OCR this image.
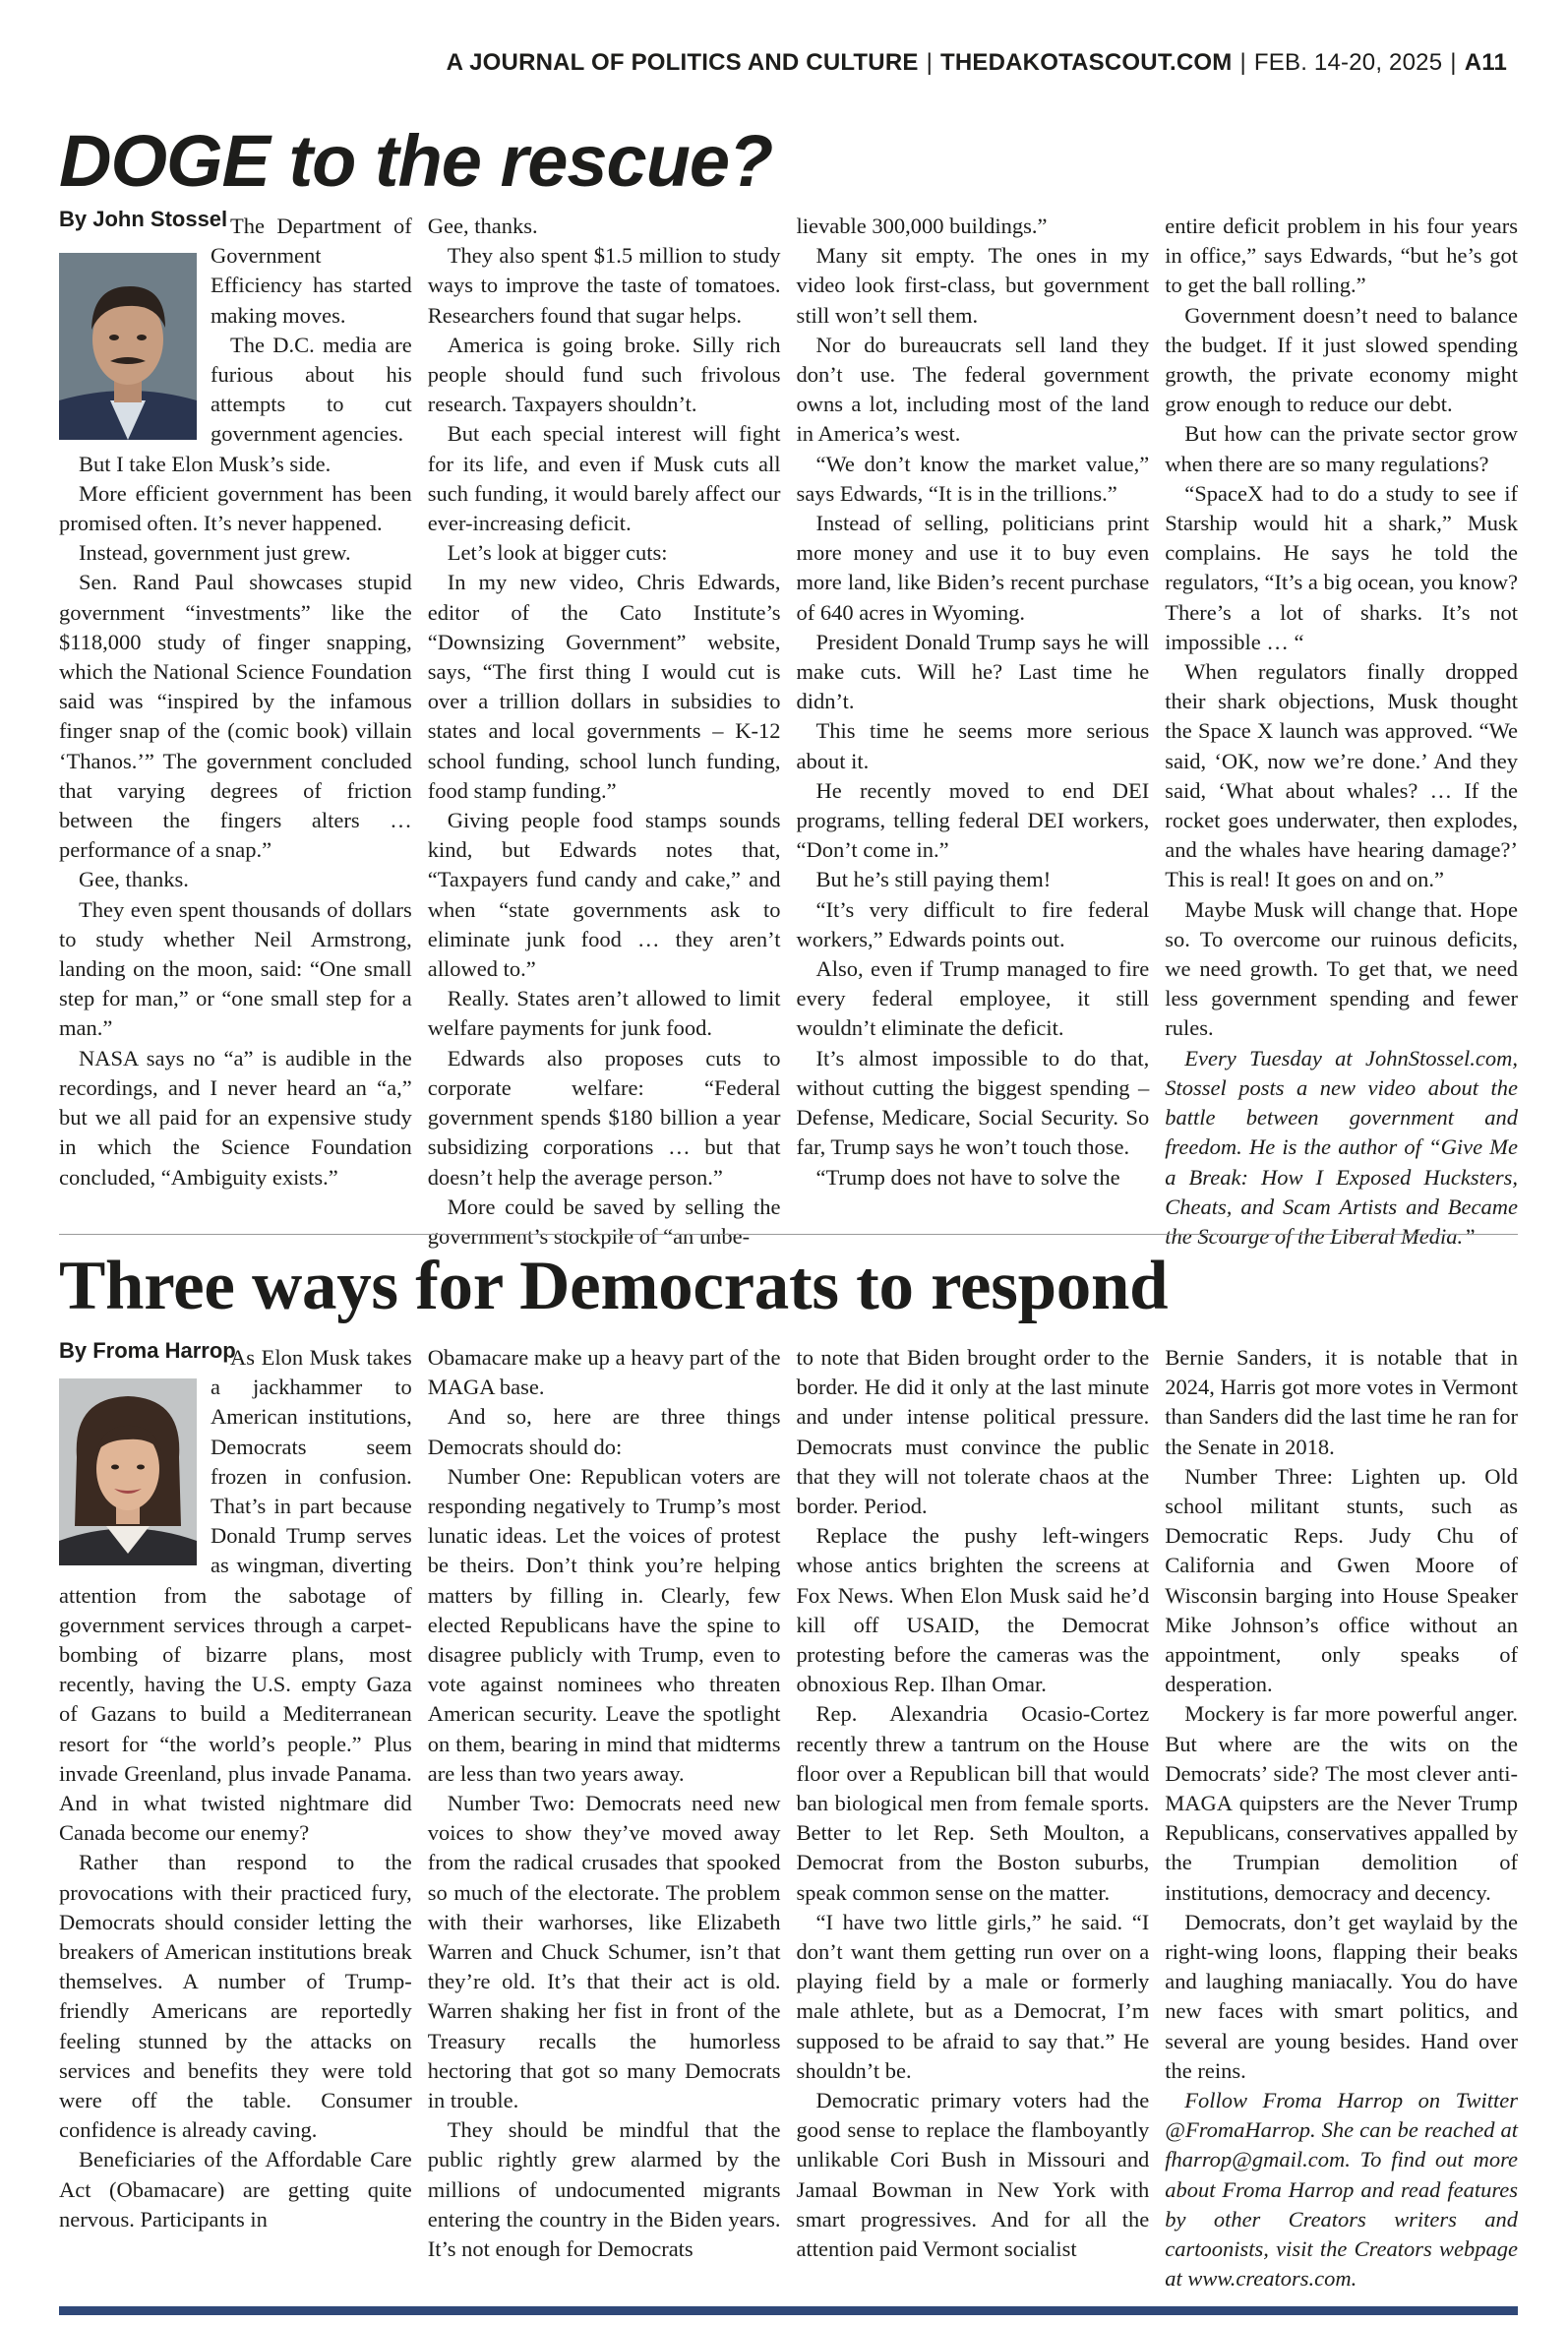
A JOURNAL OF POLITICS AND CULTURE | THEDAKOTASCOUT.COM | FEB. 14-20, 2025 | A11
DOGE to the rescue?
By John Stossel The Department of Government Efficiency has started making moves.

The D.C. media are furious about his attempts to cut government agencies.

But I take Elon Musk’s side.

More efficient government has been promised often. It’s never happened.

Instead, government just grew.

Sen. Rand Paul showcases stupid government “investments” like the $118,000 study of finger snapping, which the National Science Foundation said was “inspired by the infamous finger snap of the (comic book) villain ‘Thanos.’” The government concluded that varying degrees of friction between the fingers alters … performance of a snap.”

Gee, thanks.

They even spent thousands of dollars to study whether Neil Armstrong, landing on the moon, said: “One small step for man,” or “one small step for a man.”

NASA says no “a” is audible in the recordings, and I never heard an “a,” but we all paid for an expensive study in which the Science Foundation concluded, “Ambiguity exists.”

Gee, thanks.

They also spent $1.5 million to study ways to improve the taste of tomatoes. Researchers found that sugar helps.

America is going broke. Silly rich people should fund such frivolous research. Taxpayers shouldn’t.

But each special interest will fight for its life, and even if Musk cuts all such funding, it would barely affect our ever-increasing deficit.

Let’s look at bigger cuts:

In my new video, Chris Edwards, editor of the Cato Institute’s “Downsizing Government” website, says, “The first thing I would cut is over a trillion dollars in subsidies to states and local governments – K-12 school funding, school lunch funding, food stamp funding.”

Giving people food stamps sounds kind, but Edwards notes that, “Taxpayers fund candy and cake,” and when “state governments ask to eliminate junk food … they aren’t allowed to.”

Really. States aren’t allowed to limit welfare payments for junk food.

Edwards also proposes cuts to corporate welfare: “Federal government spends $180 billion a year subsidizing corporations … but that doesn’t help the average person.”

More could be saved by selling the government’s stockpile of “an unbe-

lievable 300,000 buildings.”

Many sit empty. The ones in my video look first-class, but government still won’t sell them.

Nor do bureaucrats sell land they don’t use. The federal government owns a lot, including most of the land in America’s west.

“We don’t know the market value,” says Edwards, “It is in the trillions.”

Instead of selling, politicians print more money and use it to buy even more land, like Biden’s recent purchase of 640 acres in Wyoming.

President Donald Trump says he will make cuts. Will he? Last time he didn’t.

This time he seems more serious about it.

He recently moved to end DEI programs, telling federal DEI workers, “Don’t come in.”

But he’s still paying them!

“It’s very difficult to fire federal workers,” Edwards points out.

Also, even if Trump managed to fire every federal employee, it still wouldn’t eliminate the deficit.

It’s almost impossible to do that, without cutting the biggest spending – Defense, Medicare, Social Security. So far, Trump says he won’t touch those.

“Trump does not have to solve the

entire deficit problem in his four years in office,” says Edwards, “but he’s got to get the ball rolling.”

Government doesn’t need to balance the budget. If it just slowed spending growth, the private economy might grow enough to reduce our debt.

But how can the private sector grow when there are so many regulations?

“SpaceX had to do a study to see if Starship would hit a shark,” Musk complains. He says he told the regulators, “It’s a big ocean, you know? There’s a lot of sharks. It’s not impossible … “

When regulators finally dropped their shark objections, Musk thought the Space X launch was approved. “We said, ‘OK, now we’re done.’ And they said, ‘What about whales? … If the rocket goes underwater, then explodes, and the whales have hearing damage?’ This is real! It goes on and on.”

Maybe Musk will change that. Hope so. To overcome our ruinous deficits, we need growth. To get that, we need less government spending and fewer rules.

Every Tuesday at JohnStossel.com, Stossel posts a new video about the battle between government and freedom. He is the author of “Give Me a Break: How I Exposed Hucksters, Cheats, and Scam Artists and Became the Scourge of the Liberal Media.”

Three ways for Democrats to respond
By Froma Harrop

As Elon Musk takes a jackhammer to American institutions, Democrats seem frozen in confusion. That’s in part because Donald Trump serves as wingman, diverting attention from the sabotage of government services through a carpet-bombing of bizarre plans, most recently, having the U.S. empty Gaza of Gazans to build a Mediterranean resort for “the world’s people.” Plus invade Greenland, plus invade Panama. And in what twisted nightmare did Canada become our enemy?

Rather than respond to the provocations with their practiced fury, Democrats should consider letting the breakers of American institutions break themselves. A number of Trump-friendly Americans are reportedly feeling stunned by the attacks on services and benefits they were told were off the table. Consumer confidence is already caving.

Beneficiaries of the Affordable Care Act (Obamacare) are getting quite nervous. Participants in

Obamacare make up a heavy part of the MAGA base.

And so, here are three things Democrats should do:

Number One: Republican voters are responding negatively to Trump’s most lunatic ideas. Let the voices of protest be theirs. Don’t think you’re helping matters by filling in. Clearly, few elected Republicans have the spine to disagree publicly with Trump, even to vote against nominees who threaten American security. Leave the spotlight on them, bearing in mind that midterms are less than two years away.

Number Two: Democrats need new voices to show they’ve moved away from the radical crusades that spooked so much of the electorate. The problem with their warhorses, like Elizabeth Warren and Chuck Schumer, isn’t that they’re old. It’s that their act is old. Warren shaking her fist in front of the Treasury recalls the humorless hectoring that got so many Democrats in trouble.

They should be mindful that the public rightly grew alarmed by the millions of undocumented migrants entering the country in the Biden years. It’s not enough for Democrats

to note that Biden brought order to the border. He did it only at the last minute and under intense political pressure. Democrats must convince the public that they will not tolerate chaos at the border. Period.

Replace the pushy left-wingers whose antics brighten the screens at Fox News. When Elon Musk said he’d kill off USAID, the Democrat protesting before the cameras was the obnoxious Rep. Ilhan Omar.

Rep. Alexandria Ocasio-Cortez recently threw a tantrum on the House floor over a Republican bill that would ban biological men from female sports. Better to let Rep. Seth Moulton, a Democrat from the Boston suburbs, speak common sense on the matter.

“I have two little girls,” he said. “I don’t want them getting run over on a playing field by a male or formerly male athlete, but as a Democrat, I’m supposed to be afraid to say that.” He shouldn’t be.

Democratic primary voters had the good sense to replace the flamboyantly unlikable Cori Bush in Missouri and Jamaal Bowman in New York with smart progressives. And for all the attention paid Vermont socialist

Bernie Sanders, it is notable that in 2024, Harris got more votes in Vermont than Sanders did the last time he ran for the Senate in 2018.

Number Three: Lighten up. Old school militant stunts, such as Democratic Reps. Judy Chu of California and Gwen Moore of Wisconsin barging into House Speaker Mike Johnson’s office without an appointment, only speaks of desperation.

Mockery is far more powerful anger. But where are the wits on the Democrats’ side? The most clever anti-MAGA quipsters are the Never Trump Republicans, conservatives appalled by the Trumpian demolition of institutions, democracy and decency.

Democrats, don’t get waylaid by the right-wing loons, flapping their beaks and laughing maniacally. You do have new faces with smart politics, and several are young besides. Hand over the reins.

Follow Froma Harrop on Twitter @FromaHarrop. She can be reached at fharrop@gmail.com. To find out more about Froma Harrop and read features by other Creators writers and cartoonists, visit the Creators webpage at www.creators.com.
